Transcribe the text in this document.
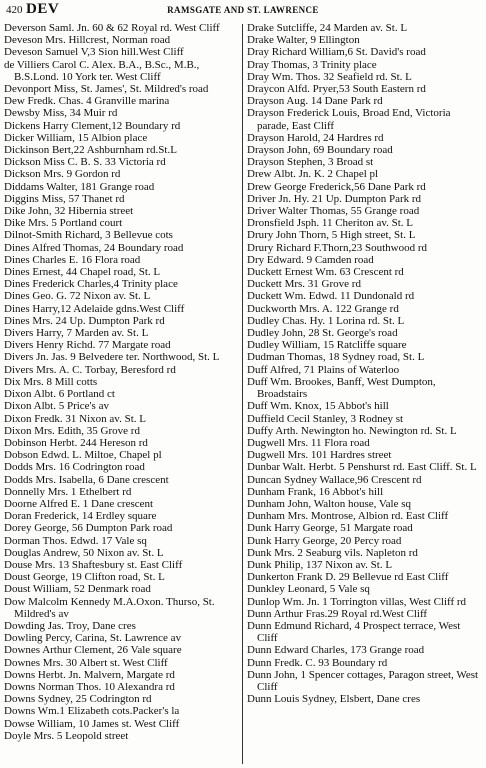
420 DEV	RAMSGATE AND ST. LAWRENCE
Deverson Saml. Jn. 60 & 62 Royal rd. West Cliff
Deveson Mrs. Hillcrest, Norman road
Deveson Samuel V,3 Sion hill.West Cliff
de Villiers Carol C. Alex. B.A., B.Sc., M.B., B.S.Lond. 10 York ter. West Cliff
Devonport Miss, St. James', St. Mildred's road
Dew Fredk. Chas. 4 Granville marina
Dewsby Miss, 34 Muir rd
Dickens Harry Clement,12 Boundary rd
Dicker William, 15 Albion place
Dickinson Bert,22 Ashburnham rd.St.L
Dickson Miss C. B. S. 33 Victoria rd
Dickson Mrs. 9 Gordon rd
Diddams Walter, 181 Grange road
Diggins Miss, 57 Thanet rd
Dike John, 32 Hibernia street
Dike Mrs. 5 Portland court
Dilnot-Smith Richard, 3 Bellevue cots
Dines Alfred Thomas, 24 Boundary road
Dines Charles E. 16 Flora road
Dines Ernest, 44 Chapel road, St. L
Dines Frederick Charles,4 Trinity place
Dines Geo. G. 72 Nixon av. St. L
Dines Harry,12 Adelaide gdns.West Cliff
Dines Mrs. 24 Up. Dumpton Park rd
Divers Harry, 7 Marden av. St. L
Divers Henry Richd. 77 Margate road
Divers Jn. Jas. 9 Belvedere ter. Northwood, St. L
Divers Mrs. A. C. Torbay, Beresford rd
Dix Mrs. 8 Mill cotts
Dixon Albt. 6 Portland ct
Dixon Albt. 5 Price's av
Dixon Fredk. 31 Nixon av. St. L
Dixon Mrs. Edith, 35 Grove rd
Dobinson Herbt. 244 Hereson rd
Dobson Edwd. L. Miltoe, Chapel pl
Dodds Mrs. 16 Codrington road
Dodds Mrs. Isabella, 6 Dane crescent
Donnelly Mrs. 1 Ethelbert rd
Doorne Alfred E. 1 Dane crescent
Doran Frederick, 14 Erdley square
Dorey George, 56 Dumpton Park road
Dorman Thos. Edwd. 17 Vale sq
Douglas Andrew, 50 Nixon av. St. L
Douse Mrs. 13 Shaftesbury st. East Cliff
Doust George, 19 Clifton road, St. L
Doust William, 52 Denmark road
Dow Malcolm Kennedy M.A.Oxon. Thurso, St. Mildred's av
Dowding Jas. Troy, Dane cres
Dowling Percy, Carina, St. Lawrence av
Downes Arthur Clement, 26 Vale square
Downes Mrs. 30 Albert st. West Cliff
Downs Herbt. Jn. Malvern, Margate rd
Downs Norman Thos. 10 Alexandra rd
Downs Sydney, 25 Codrington rd
Downs Wm.1 Elizabeth cots.Packer's la
Dowse William, 10 James st. West Cliff
Doyle Mrs. 5 Leopold street
Drake Sutcliffe, 24 Marden av. St. L
Drake Walter, 9 Ellington
Dray Richard William,6 St. David's road
Dray Thomas, 3 Trinity place
Dray Wm. Thos. 32 Seafield rd. St. L
Draycon Alfd. Pryer,53 South Eastern rd
Drayson Aug. 14 Dane Park rd
Drayson Frederick Louis, Broad End, Victoria parade, East Cliff
Drayson Harold, 24 Hardres rd
Drayson John, 69 Boundary road
Drayson Stephen, 3 Broad st
Drew Albt. Jn. K. 2 Chapel pl
Drew George Frederick,56 Dane Park rd
Driver Jn. Hy. 21 Up. Dumpton Park rd
Driver Walter Thomas, 55 Grange road
Dronsfield Jsph. 11 Cheriton av. St. L
Drury John Thorn, 5 High street, St. L
Drury Richard F.Thorn,23 Southwood rd
Dry Edward. 9 Camden road
Duckett Ernest Wm. 63 Crescent rd
Duckett Mrs. 31 Grove rd
Duckett Wm. Edwd. 11 Dundonald rd
Duckworth Mrs. A. 122 Grange rd
Dudley Chas. Hy. 1 Lorina rd. St. L
Dudley John, 28 St. George's road
Dudley William, 15 Ratcliffe square
Dudman Thomas, 18 Sydney road, St. L
Duff Alfred, 71 Plains of Waterloo
Duff Wm. Brookes, Banff, West Dumpton, Broadstairs
Duff Wm. Knox, 15 Abbot's hill
Duffield Cecil Stanley, 3 Rodney st
Duffy Arth. Newington ho. Newington rd. St. L
Dugwell Mrs. 11 Flora road
Dugwell Mrs. 101 Hardres street
Dunbar Walt. Herbt. 5 Penshurst rd. East Cliff. St. L
Duncan Sydney Wallace,96 Crescent rd
Dunham Frank, 16 Abbot's hill
Dunham John, Walton house, Vale sq
Dunham Mrs. Montrose, Albion rd. East Cliff
Dunk Harry George, 51 Margate road
Dunk Harry George, 20 Percy road
Dunk Mrs. 2 Seaburg vils. Napleton rd
Dunk Philip, 137 Nixon av. St. L
Dunkerton Frank D. 29 Bellevue rd East Cliff
Dunkley Leonard, 5 Vale sq
Dunlop Wm. Jn. 1 Torrington villas, West Cliff rd
Dunn Arthur Fras.29 Royal rd.West Cliff
Dunn Edmund Richard, 4 Prospect terrace, West Cliff
Dunn Edward Charles, 173 Grange road
Dunn Fredk. C. 93 Boundary rd
Dunn John, 1 Spencer cottages, Paragon street, West Cliff
Dunn Louis Sydney, Elsbert, Dane cres
